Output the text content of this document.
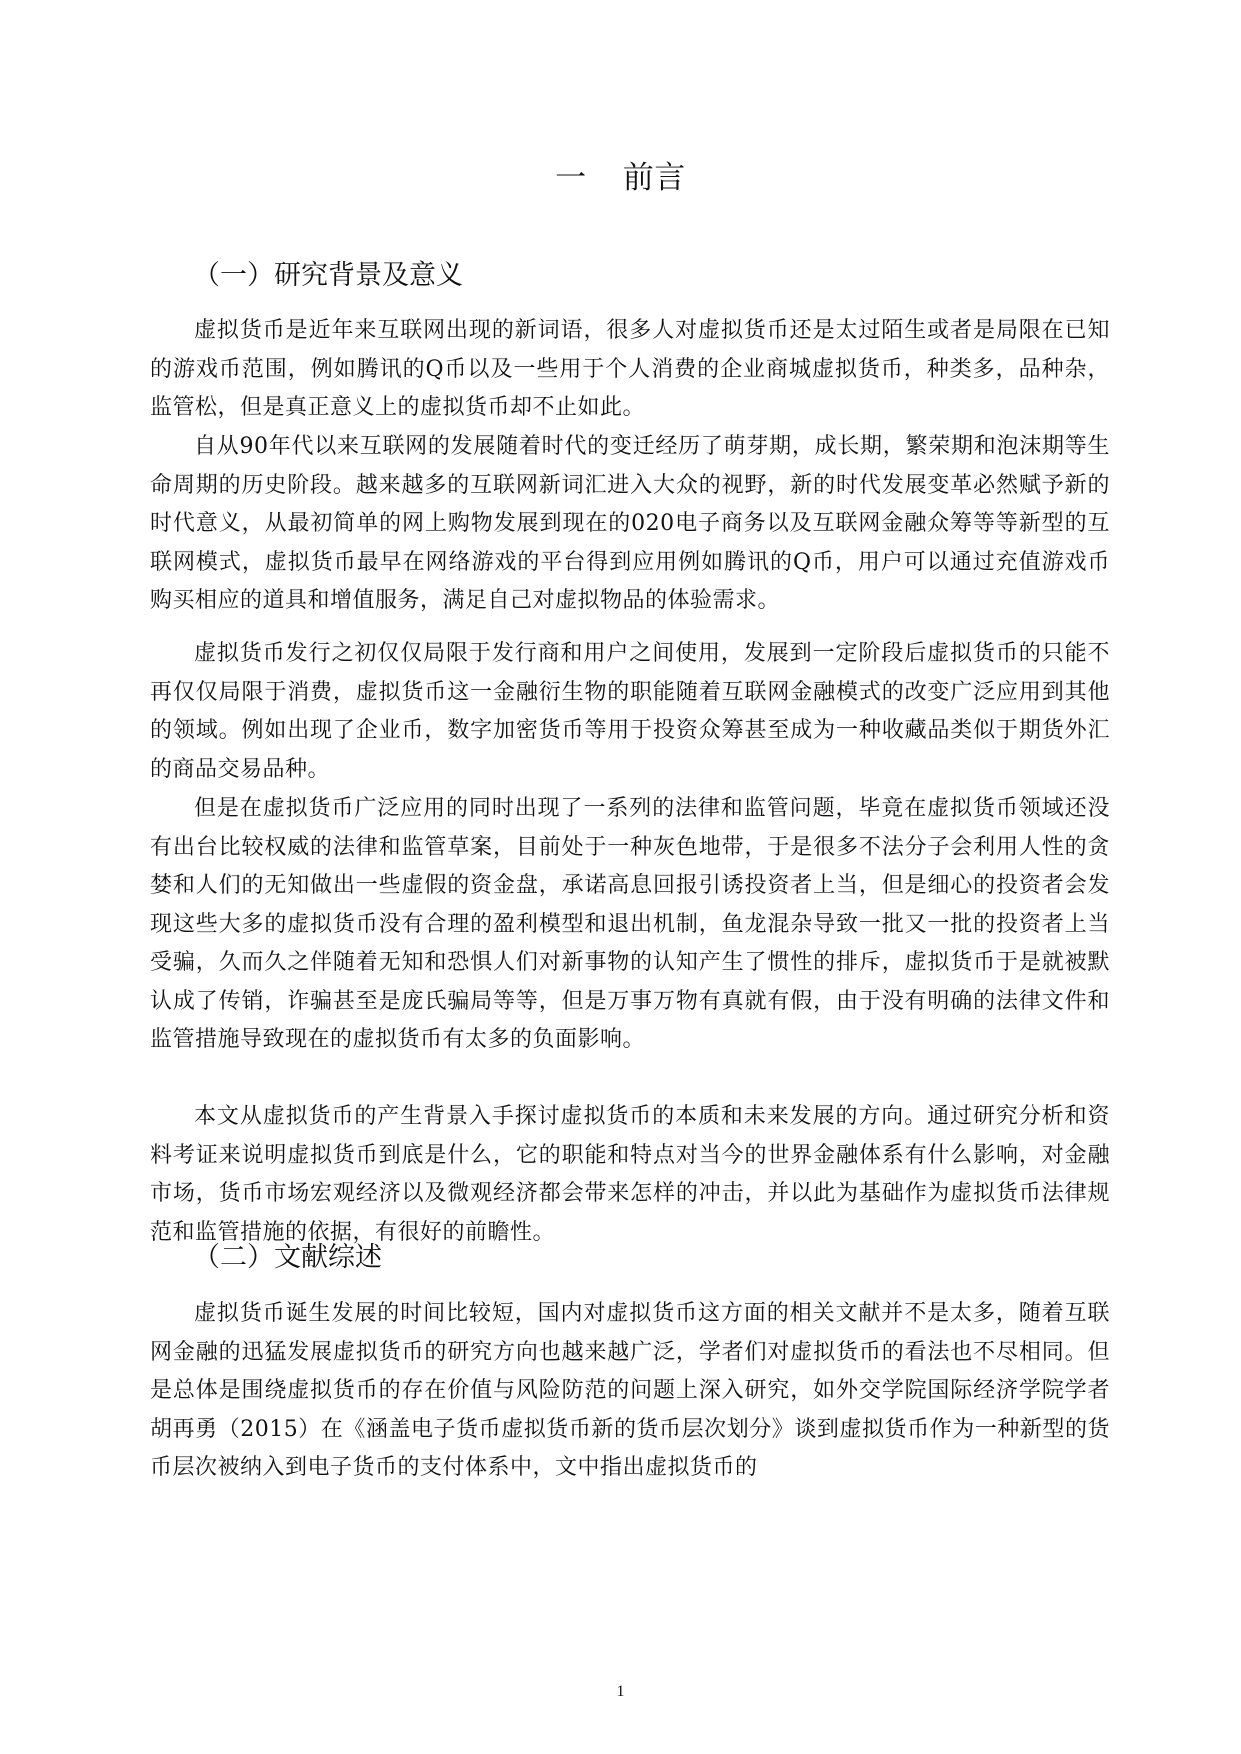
一 前言
（一）研究背景及意义
虚拟货币是近年来互联网出现的新词语，很多人对虚拟货币还是太过陌生或者是局限在已知的游戏币范围，例如腾讯的Q币以及一些用于个人消费的企业商城虚拟货币，种类多，品种杂，监管松，但是真正意义上的虚拟货币却不止如此。
自从90年代以来互联网的发展随着时代的变迁经历了萌芽期，成长期，繁荣期和泡沫期等生命周期的历史阶段。越来越多的互联网新词汇进入大众的视野，新的时代发展变革必然赋予新的时代意义，从最初简单的网上购物发展到现在的020电子商务以及互联网金融众筹等等新型的互联网模式，虚拟货币最早在网络游戏的平台得到应用例如腾讯的Q币，用户可以通过充值游戏币购买相应的道具和增值服务，满足自己对虚拟物品的体验需求。
虚拟货币发行之初仅仅局限于发行商和用户之间使用，发展到一定阶段后虚拟货币的只能不再仅仅局限于消费，虚拟货币这一金融衍生物的职能随着互联网金融模式的改变广泛应用到其他的领域。例如出现了企业币，数字加密货币等用于投资众筹甚至成为一种收藏品类似于期货外汇的商品交易品种。
但是在虚拟货币广泛应用的同时出现了一系列的法律和监管问题，毕竟在虚拟货币领域还没有出台比较权威的法律和监管草案，目前处于一种灰色地带，于是很多不法分子会利用人性的贪婪和人们的无知做出一些虚假的资金盘，承诺高息回报引诱投资者上当，但是细心的投资者会发现这些大多的虚拟货币没有合理的盈利模型和退出机制，鱼龙混杂导致一批又一批的投资者上当受骗，久而久之伴随着无知和恐惧人们对新事物的认知产生了惯性的排斥，虚拟货币于是就被默认成了传销，诈骗甚至是庞氏骗局等等，但是万事万物有真就有假，由于没有明确的法律文件和监管措施导致现在的虚拟货币有太多的负面影响。
本文从虚拟货币的产生背景入手探讨虚拟货币的本质和未来发展的方向。通过研究分析和资料考证来说明虚拟货币到底是什么，它的职能和特点对当今的世界金融体系有什么影响，对金融市场，货币市场宏观经济以及微观经济都会带来怎样的冲击，并以此为基础作为虚拟货币法律规范和监管措施的依据，有很好的前瞻性。
（二）文献综述
虚拟货币诞生发展的时间比较短，国内对虚拟货币这方面的相关文献并不是太多，随着互联网金融的迅猛发展虚拟货币的研究方向也越来越广泛，学者们对虚拟货币的看法也不尽相同。但是总体是围绕虚拟货币的存在价值与风险防范的问题上深入研究，如外交学院国际经济学院学者胡再勇（2015）在《涵盖电子货币虚拟货币新的货币层次划分》谈到虚拟货币作为一种新型的货币层次被纳入到电子货币的支付体系中，文中指出虚拟货币的
1
